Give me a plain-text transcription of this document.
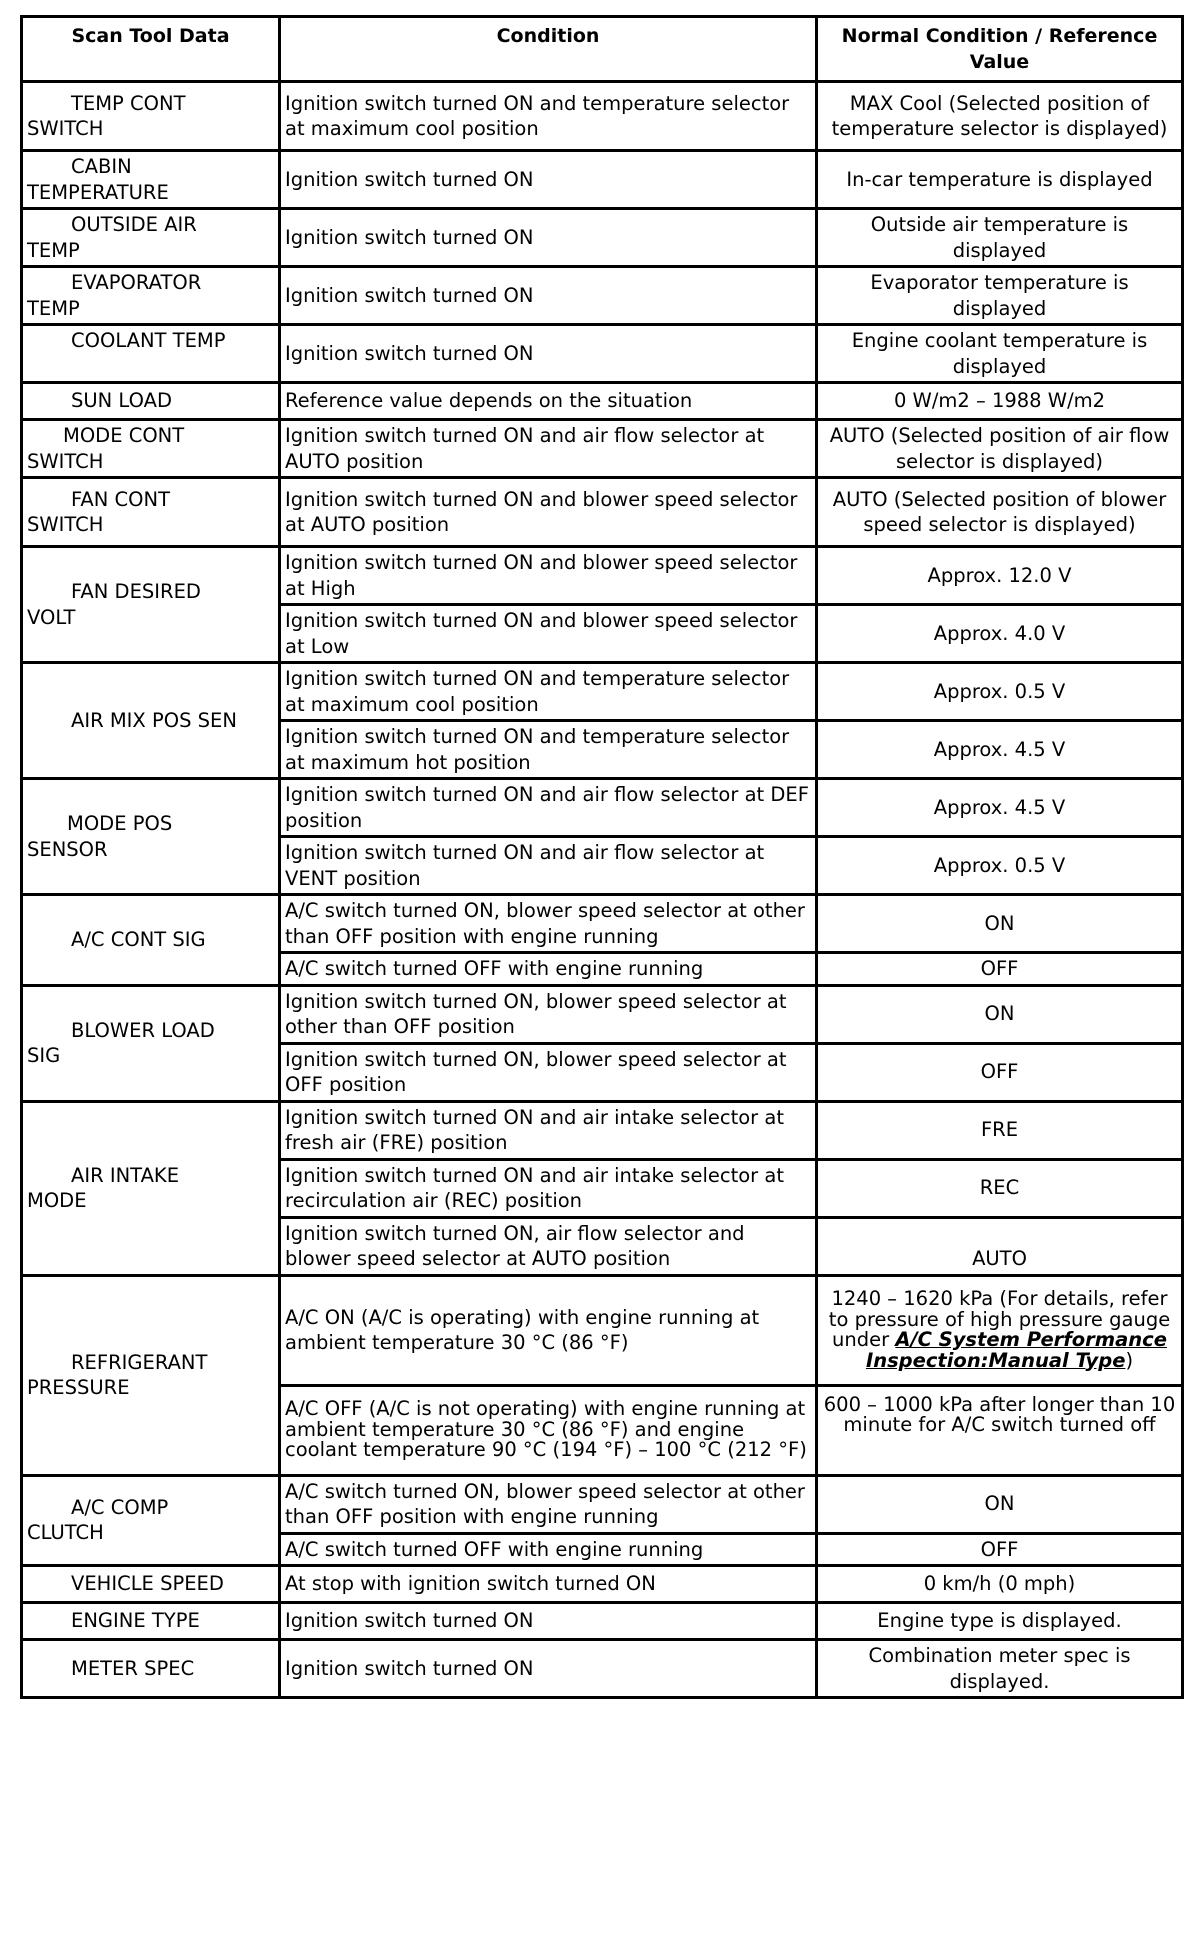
Scan Tool Data	Condition	Normal Condition / Reference Value

TEMP CONT
SWITCH	Ignition switch turned ON and temperature selector at maximum cool position	MAX Cool (Selected position of temperature selector is displayed)

CABIN
TEMPERATURE	Ignition switch turned ON	In-car temperature is displayed

OUTSIDE AIR
TEMP	Ignition switch turned ON	Outside air temperature is displayed

EVAPORATOR
TEMP	Ignition switch turned ON	Evaporator temperature is displayed

COOLANT TEMP	Ignition switch turned ON	Engine coolant temperature is displayed

SUN LOAD	Reference value depends on the situation	0 W/m2 – 1988 W/m2

MODE CONT
SWITCH	Ignition switch turned ON and air flow selector at AUTO position	AUTO (Selected position of air flow selector is displayed)

FAN CONT
SWITCH	Ignition switch turned ON and blower speed selector at AUTO position	AUTO (Selected position of blower speed selector is displayed)

FAN DESIRED
VOLT	Ignition switch turned ON and blower speed selector at High	Approx. 12.0 V
	Ignition switch turned ON and blower speed selector at Low	Approx. 4.0 V

AIR MIX POS SEN	Ignition switch turned ON and temperature selector at maximum cool position	Approx. 0.5 V
	Ignition switch turned ON and temperature selector at maximum hot position	Approx. 4.5 V

MODE POS
SENSOR	Ignition switch turned ON and air flow selector at DEF position	Approx. 4.5 V
	Ignition switch turned ON and air flow selector at VENT position	Approx. 0.5 V

A/C CONT SIG	A/C switch turned ON, blower speed selector at other than OFF position with engine running	ON
	A/C switch turned OFF with engine running	OFF

BLOWER LOAD
SIG	Ignition switch turned ON, blower speed selector at other than OFF position	ON
	Ignition switch turned ON, blower speed selector at OFF position	OFF

AIR INTAKE
MODE	Ignition switch turned ON and air intake selector at fresh air (FRE) position	FRE
	Ignition switch turned ON and air intake selector at recirculation air (REC) position	REC
	Ignition switch turned ON, air flow selector and blower speed selector at AUTO position	AUTO

REFRIGERANT
PRESSURE	A/C ON (A/C is operating) with engine running at ambient temperature 30 °C (86 °F)	1240 – 1620 kPa (For details, refer to pressure of high pressure gauge under A/C System Performance Inspection:Manual Type)
	A/C OFF (A/C is not operating) with engine running at ambient temperature 30 °C (86 °F) and engine coolant temperature 90 °C (194 °F) – 100 °C (212 °F)	600 – 1000 kPa after longer than 10 minute for A/C switch turned off

A/C COMP
CLUTCH	A/C switch turned ON, blower speed selector at other than OFF position with engine running	ON
	A/C switch turned OFF with engine running	OFF

VEHICLE SPEED	At stop with ignition switch turned ON	0 km/h (0 mph)

ENGINE TYPE	Ignition switch turned ON	Engine type is displayed.

METER SPEC	Ignition switch turned ON	Combination meter spec is displayed.
